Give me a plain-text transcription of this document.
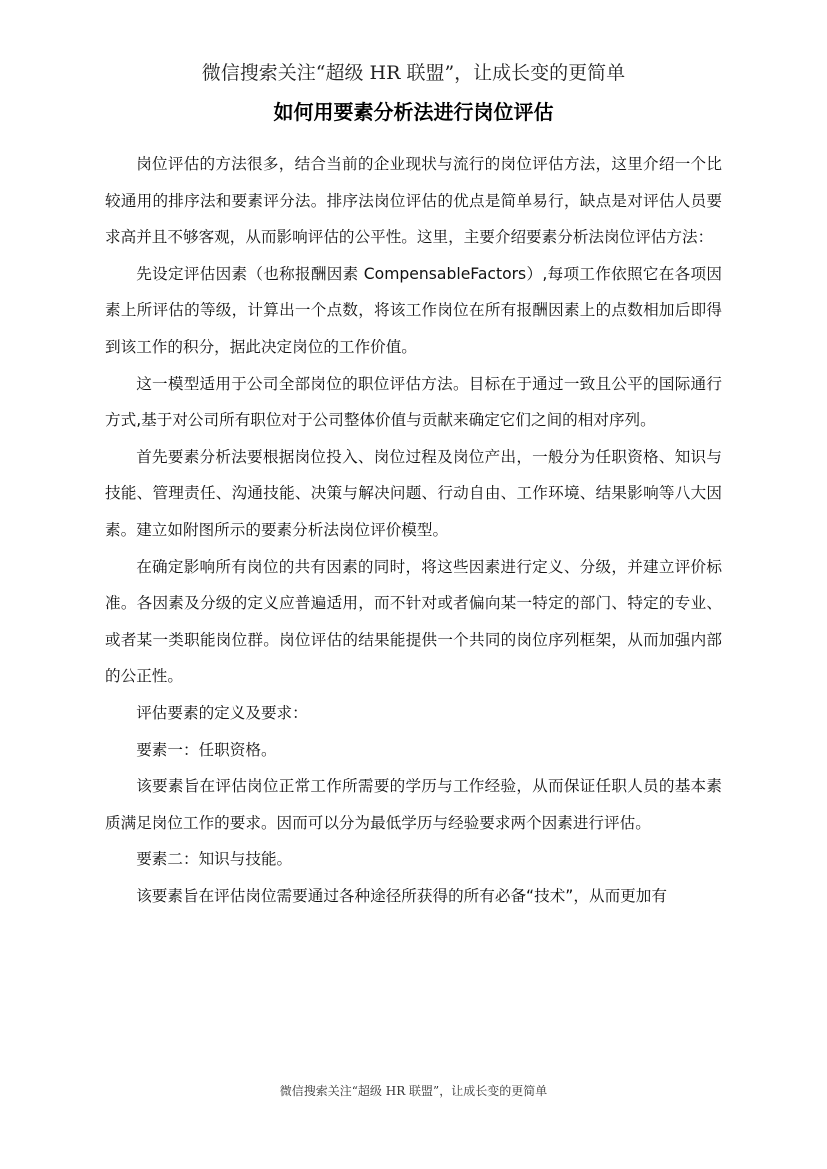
微信搜索关注“超级 HR 联盟”，让成长变的更简单
如何用要素分析法进行岗位评估

岗位评估的方法很多，结合当前的企业现状与流行的岗位评估方法，这里介绍一个比较通用的排序法和要素评分法。排序法岗位评估的优点是简单易行，缺点是对评估人员要求高并且不够客观，从而影响评估的公平性。这里，主要介绍要素分析法岗位评估方法：

先设定评估因素（也称报酬因素 CompensableFactors）,每项工作依照它在各项因素上所评估的等级，计算出一个点数，将该工作岗位在所有报酬因素上的点数相加后即得到该工作的积分，据此决定岗位的工作价值。

这一模型适用于公司全部岗位的职位评估方法。目标在于通过一致且公平的国际通行方式,基于对公司所有职位对于公司整体价值与贡献来确定它们之间的相对序列。

首先要素分析法要根据岗位投入、岗位过程及岗位产出，一般分为任职资格、知识与技能、管理责任、沟通技能、决策与解决问题、行动自由、工作环境、结果影响等八大因素。建立如附图所示的要素分析法岗位评价模型。

在确定影响所有岗位的共有因素的同时，将这些因素进行定义、分级，并建立评价标准。各因素及分级的定义应普遍适用，而不针对或者偏向某一特定的部门、特定的专业、或者某一类职能岗位群。岗位评估的结果能提供一个共同的岗位序列框架，从而加强内部的公正性。

评估要素的定义及要求：

要素一：任职资格。

该要素旨在评估岗位正常工作所需要的学历与工作经验，从而保证任职人员的基本素质满足岗位工作的要求。因而可以分为最低学历与经验要求两个因素进行评估。

要素二：知识与技能。

该要素旨在评估岗位需要通过各种途径所获得的所有必备“技术”，从而更加有

微信搜索关注“超级 HR 联盟”，让成长变的更简单
